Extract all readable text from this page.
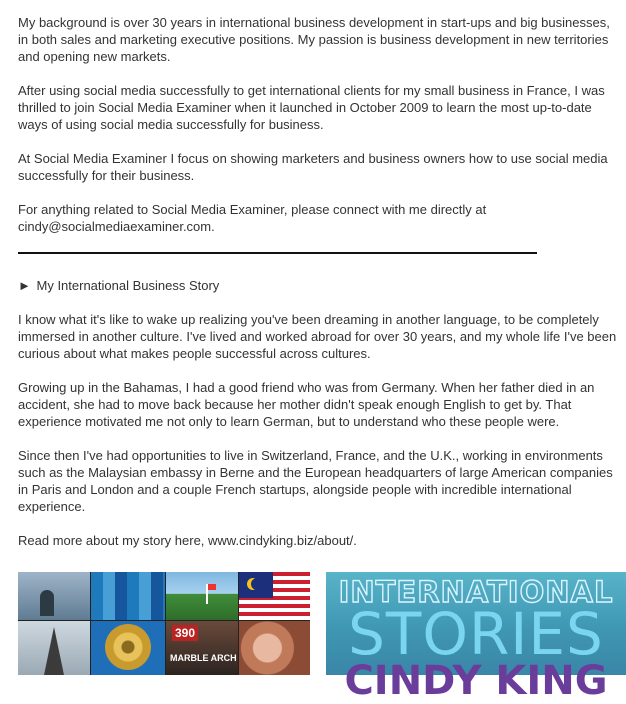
My background is over 30 years in international business development in start-ups and big businesses, in both sales and marketing executive positions. My passion is business development in new territories and opening new markets.

After using social media successfully to get international clients for my small business in France, I was thrilled to join Social Media Examiner when it launched in October 2009 to learn the most up-to-date ways of using social media successfully for business.

At Social Media Examiner I focus on showing marketers and business owners how to use social media successfully for their business.

For anything related to Social Media Examiner, please connect with me directly at cindy@socialmediaexaminer.com.

► My International Business Story

I know what it's like to wake up realizing you've been dreaming in another language, to be completely immersed in another culture. I've lived and worked abroad for over 30 years, and my whole life I've been curious about what makes people successful across cultures.

Growing up in the Bahamas, I had a good friend who was from Germany. When her father died in an accident, she had to move back because her mother didn't speak enough English to get by. That experience motivated me not only to learn German, but to understand who these people were.

Since then I've had opportunities to live in Switzerland, France, and the U.K., working in environments such as the Malaysian embassy in Berne and the European headquarters of large American companies in Paris and London and a couple French startups, alongside people with incredible international experience.

Read more about my story here, www.cindyking.biz/about/.

390
MARBLE ARCH
INTERNATIONAL
STORIES
CINDY KING
